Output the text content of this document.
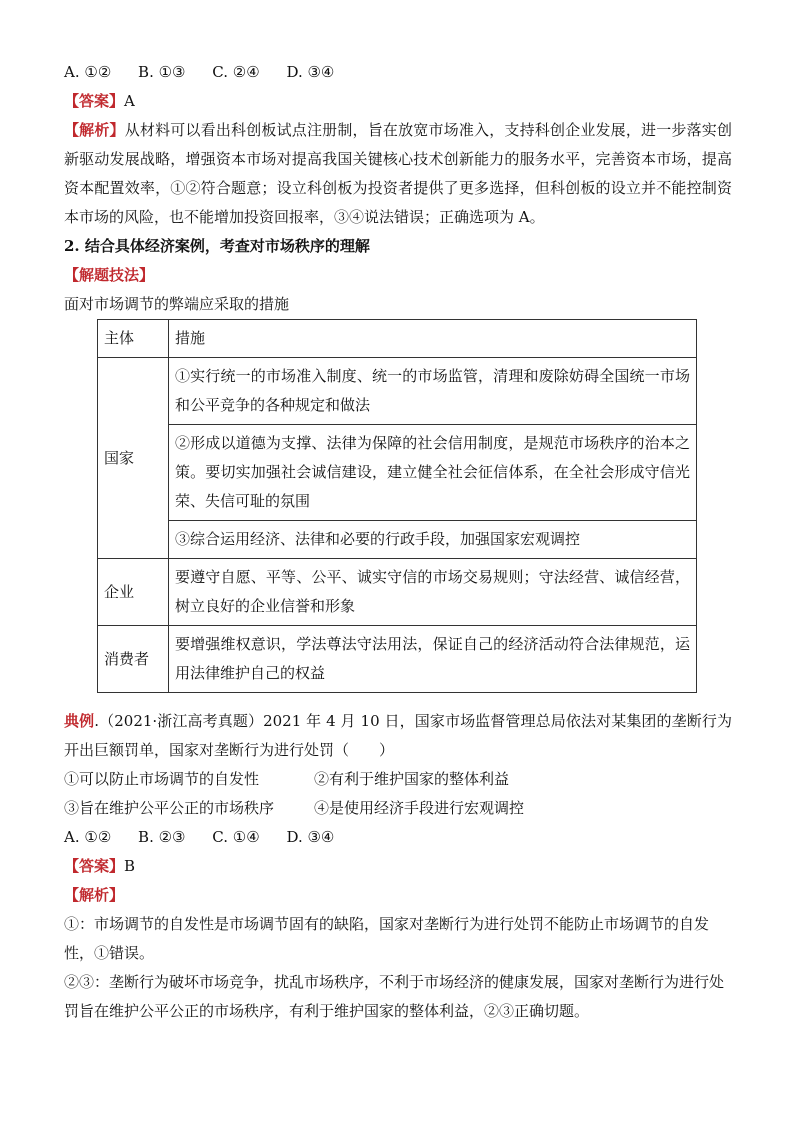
A. ①② B. ①③ C. ②④ D. ③④
【答案】A
【解析】从材料可以看出科创板试点注册制，旨在放宽市场准入，支持科创企业发展，进一步落实创新驱动发展战略，增强资本市场对提高我国关键核心技术创新能力的服务水平，完善资本市场，提高资本配置效率，①②符合题意；设立科创板为投资者提供了更多选择，但科创板的设立并不能控制资本市场的风险，也不能增加投资回报率，③④说法错误；正确选项为 A。
2. 结合具体经济案例，考查对市场秩序的理解
【解题技法】
面对市场调节的弊端应采取的措施
主体	措施
国家	①实行统一的市场准入制度、统一的市场监管，清理和废除妨碍全国统一市场和公平竞争的各种规定和做法
	②形成以道德为支撑、法律为保障的社会信用制度，是规范市场秩序的治本之策。要切实加强社会诚信建设，建立健全社会征信体系，在全社会形成守信光荣、失信可耻的氛围
	③综合运用经济、法律和必要的行政手段，加强国家宏观调控
企业	要遵守自愿、平等、公平、诚实守信的市场交易规则；守法经营、诚信经营，树立良好的企业信誉和形象
消费者	要增强维权意识，学法尊法守法用法，保证自己的经济活动符合法律规范，运用法律维护自己的权益
典例.（2021·浙江高考真题）2021 年 4 月 10 日，国家市场监督管理总局依法对某集团的垄断行为开出巨额罚单，国家对垄断行为进行处罚（　　）
①可以防止市场调节的自发性	②有利于维护国家的整体利益
③旨在维护公平公正的市场秩序	④是使用经济手段进行宏观调控
A. ①② B. ②③ C. ①④ D. ③④
【答案】B
【解析】
①：市场调节的自发性是市场调节固有的缺陷，国家对垄断行为进行处罚不能防止市场调节的自发性，①错误。
②③：垄断行为破坏市场竞争，扰乱市场秩序，不利于市场经济的健康发展，国家对垄断行为进行处罚旨在维护公平公正的市场秩序，有利于维护国家的整体利益，②③正确切题。
